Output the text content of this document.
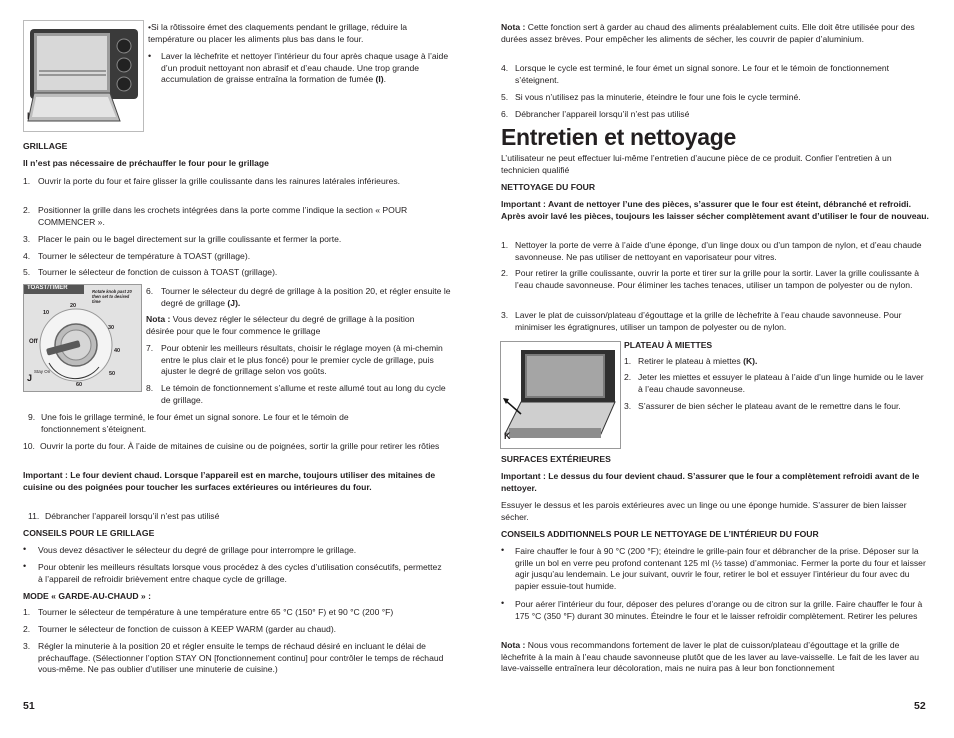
I

•Si la rôtissoire émet des claquements pendant le grillage, réduire la température ou placer les aliments plus bas dans le four.

• Laver la lèchefrite et nettoyer l’intérieur du four après chaque usage à l’aide d’un produit nettoyant non abrasif et d’eau chaude. Une trop grande accumulation de graisse entraîna la formation de fumée (I).

GRILLAGE

Il n’est pas nécessaire de préchauffer le four pour le grillage

1. Ouvrir la porte du four et faire glisser la grille coulissante dans les rainures latérales inférieures.
2. Positionner la grille dans les crochets intégrées dans la porte comme l’indique la section « POUR COMMENCER ».
3. Placer le pain ou le bagel directement sur la grille coulissante et fermer la porte.
4. Tourner le sélecteur de température à TOAST (grillage).
5. Tourner le sélecteur de fonction de cuisson à TOAST (grillage).
TOAST/TIMER
Rotate knob past 20 then set to desired time
Off
Stay On
10
20
30
40
50
60
J
6. Tourner le sélecteur du degré de grillage à la position 20, et régler ensuite le degré de grillage (J).

Nota : Vous devez régler le sélecteur du degré de grillage à la position désirée pour que le four commence le grillage

7. Pour obtenir les meilleurs résultats, choisir le réglage moyen (à mi-chemin entre le plus clair et le plus foncé) pour le premier cycle de grillage, puis ajuster le degré de grillage selon vos goûts.
8. Le témoin de fonctionnement s’allume et reste allumé tout au long du cycle de grillage.
9. Une fois le grillage terminé, le four émet un signal sonore. Le four et le témoin de fonctionnement s’éteignent.
10. Ouvrir la porte du four. À l’aide de mitaines de cuisine ou de poignées, sortir la grille pour retirer les rôties

Important : Le four devient chaud. Lorsque l’appareil est en marche, toujours utiliser des mitaines de cuisine ou des poignées pour toucher les surfaces extérieures ou intérieures du four.

11. Débrancher l’appareil lorsqu’il n’est pas utilisé

CONSEILS POUR LE GRILLAGE

• Vous devez désactiver le sélecteur du degré de grillage pour interrompre le grillage.

• Pour obtenir les meilleurs résultats lorsque vous procédez à des cycles d’utilisation consécutifs, permettez à l’appareil de refroidir brièvement entre chaque cycle de grillage.

MODE « GARDE-AU-CHAUD » :

1. Tourner le sélecteur de température à une température entre 65 °C (150° F) et 90 °C (200 °F)
2. Tourner le sélecteur de fonction de cuisson à KEEP WARM (garder au chaud).
3. Régler la minuterie à la position 20 et régler ensuite le temps de réchaud désiré en incluant le délai de préchauffage. (Sélectionner l’option STAY ON [fonctionnement continu] pour contrôler le temps de réchaud vous-même. Ne pas oublier d’utiliser une minuterie de cuisine.)
51

Nota : Cette fonction sert à garder au chaud des aliments préalablement cuits. Elle doit être utilisée pour des durées assez brèves. Pour empêcher les aliments de sécher, les couvrir de papier d’aluminium.

4. Lorsque le cycle est terminé, le four émet un signal sonore. Le four et le témoin de fonctionnement s’éteignent.
5. Si vous n’utilisez pas la minuterie, éteindre le four une fois le cycle terminé.
6. Débrancher l’appareil lorsqu’il n’est pas utilisé
Entretien et nettoyage

L’utilisateur ne peut effectuer lui-même l’entretien d’aucune pièce de ce produit. Confier l’entretien à un technicien qualifié

NETTOYAGE DU FOUR

Important : Avant de nettoyer l’une des pièces, s’assurer que le four est éteint, débranché et refroidi. Après avoir lavé les pièces, toujours les laisser sécher complètement avant d’utiliser le four de nouveau.

1. Nettoyer la porte de verre à l’aide d’une éponge, d’un linge doux ou d’un tampon de nylon, et d’eau chaude savonneuse. Ne pas utiliser de nettoyant en vaporisateur pour vitres.
2. Pour retirer la grille coulissante, ouvrir la porte et tirer sur la grille pour la sortir. Laver la grille coulissante à l’eau chaude savonneuse. Pour éliminer les taches tenaces, utiliser un tampon de polyester ou de nylon.
3. Laver le plat de cuisson/plateau d’égouttage et la grille de lèchefrite à l’eau chaude savonneuse. Pour minimiser les égratignures, utiliser un tampon de polyester ou de nylon.
K

PLATEAU À MIETTES

1. Retirer le plateau à miettes (K).
2. Jeter les miettes et essuyer le plateau à l’aide d’un linge humide ou le laver à l’eau chaude savonneuse.
3. S’assurer de bien sécher le plateau avant de le remettre dans le four.

SURFACES EXTÉRIEURES

Important : Le dessus du four devient chaud. S’assurer que le four a complètement refroidi avant de le nettoyer.

Essuyer le dessus et les parois extérieures avec un linge ou une éponge humide. S’assurer de bien laisser sécher.

CONSEILS ADDITIONNELS POUR LE NETTOYAGE DE L’INTÉRIEUR DU FOUR

• Faire chauffer le four à 90 °C (200 °F); éteindre le grille-pain four et débrancher de la prise. Déposer sur la grille un bol en verre peu profond contenant 125 ml (½ tasse) d’ammoniac. Fermer la porte du four et laisser agir jusqu’au lendemain. Le jour suivant, ouvrir le four, retirer le bol et essuyer l’intérieur du four avec du papier essuie-tout humide.

• Pour aérer l’intérieur du four, déposer des pelures d’orange ou de citron sur la grille. Faire chauffer le four à 175 °C (350 °F) durant 30 minutes. Éteindre le four et le laisser refroidir complètement. Retirer les pelures

Nota : Nous vous recommandons fortement de laver le plat de cuisson/plateau d’égouttage et la grille de lèchefrite à la main à l’eau chaude savonneuse plutôt que de les laver au lave-vaisselle. Le fait de les laver au lave-vaisselle entraînera leur décoloration, mais ne nuira pas à leur bon fonctionnement

52
